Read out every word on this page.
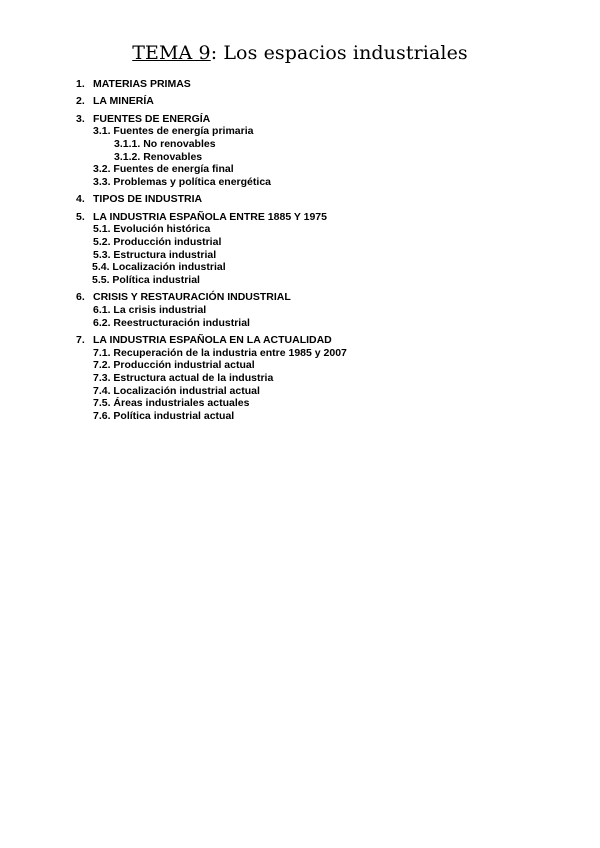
TEMA 9: Los espacios industriales
1. MATERIAS PRIMAS
2. LA MINERÍA
3. FUENTES DE ENERGÍA
3.1. Fuentes de energía primaria
3.1.1. No renovables
3.1.2. Renovables
3.2. Fuentes de energía final
3.3. Problemas y política energética
4. TIPOS DE INDUSTRIA
5. LA INDUSTRIA ESPAÑOLA ENTRE 1885 Y 1975
5.1. Evolución histórica
5.2. Producción industrial
5.3. Estructura industrial
5.4. Localización industrial
5.5. Política industrial
6. CRISIS Y RESTAURACIÓN INDUSTRIAL
6.1. La crisis industrial
6.2. Reestructuración industrial
7. LA INDUSTRIA ESPAÑOLA EN LA ACTUALIDAD
7.1. Recuperación de la industria entre 1985 y 2007
7.2. Producción industrial actual
7.3. Estructura actual de la industria
7.4. Localización industrial actual
7.5. Áreas industriales actuales
7.6. Política industrial actual
